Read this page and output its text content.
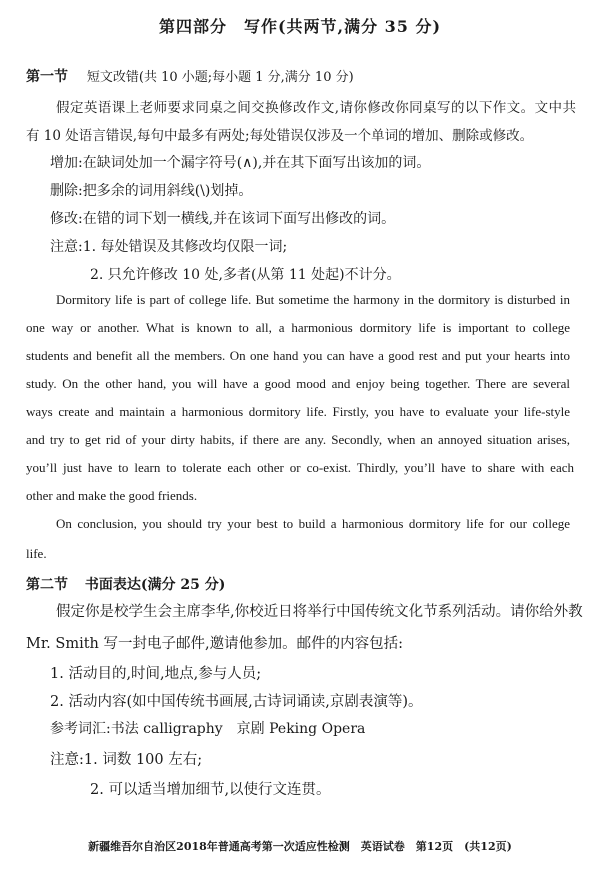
第四部分　写作(共两节,满分 35 分)
第一节 短文改错(共 10 小题;每小题 1 分,满分 10 分)
假定英语课上老师要求同桌之间交换修改作文,请你修改你同桌写的以下作文。文中共
有 10 处语言错误,每句中最多有两处;每处错误仅涉及一个单词的增加、删除或修改。
增加:在缺词处加一个漏字符号(∧),并在其下面写出该加的词。
删除:把多余的词用斜线(\)划掉。
修改:在错的词下划一横线,并在该词下面写出修改的词。
注意:1. 每处错误及其修改均仅限一词;
2. 只允许修改 10 处,多者(从第 11 处起)不计分。
Dormitory life is part of college life. But sometime the harmony in the dormitory is disturbed in
one way or another. What is known to all, a harmonious dormitory life is important to college
students and benefit all the members. On one hand you can have a good rest and put your hearts into
study. On the other hand, you will have a good mood and enjoy being together. There are several
ways create and maintain a harmonious dormitory life. Firstly, you have to evaluate your life-style
and try to get rid of your dirty habits, if there are any. Secondly, when an annoyed situation arises,
you’ll just have to learn to tolerate each other or co-exist. Thirdly, you’ll have to share with each
other and make the good friends.
On conclusion, you should try your best to build a harmonious dormitory life for our college
life.
第二节 书面表达(满分 25 分)
假定你是校学生会主席李华,你校近日将举行中国传统文化节系列活动。请你给外教
Mr. Smith 写一封电子邮件,邀请他参加。邮件的内容包括:
1. 活动目的,时间,地点,参与人员;
2. 活动内容(如中国传统书画展,古诗词诵读,京剧表演等)。
参考词汇:书法 calligraphy　京剧 Peking Opera
注意:1. 词数 100 左右;
2. 可以适当增加细节,以使行文连贯。
新疆维吾尔自治区2018年普通高考第一次适应性检测　英语试卷　第12页　(共12页)
